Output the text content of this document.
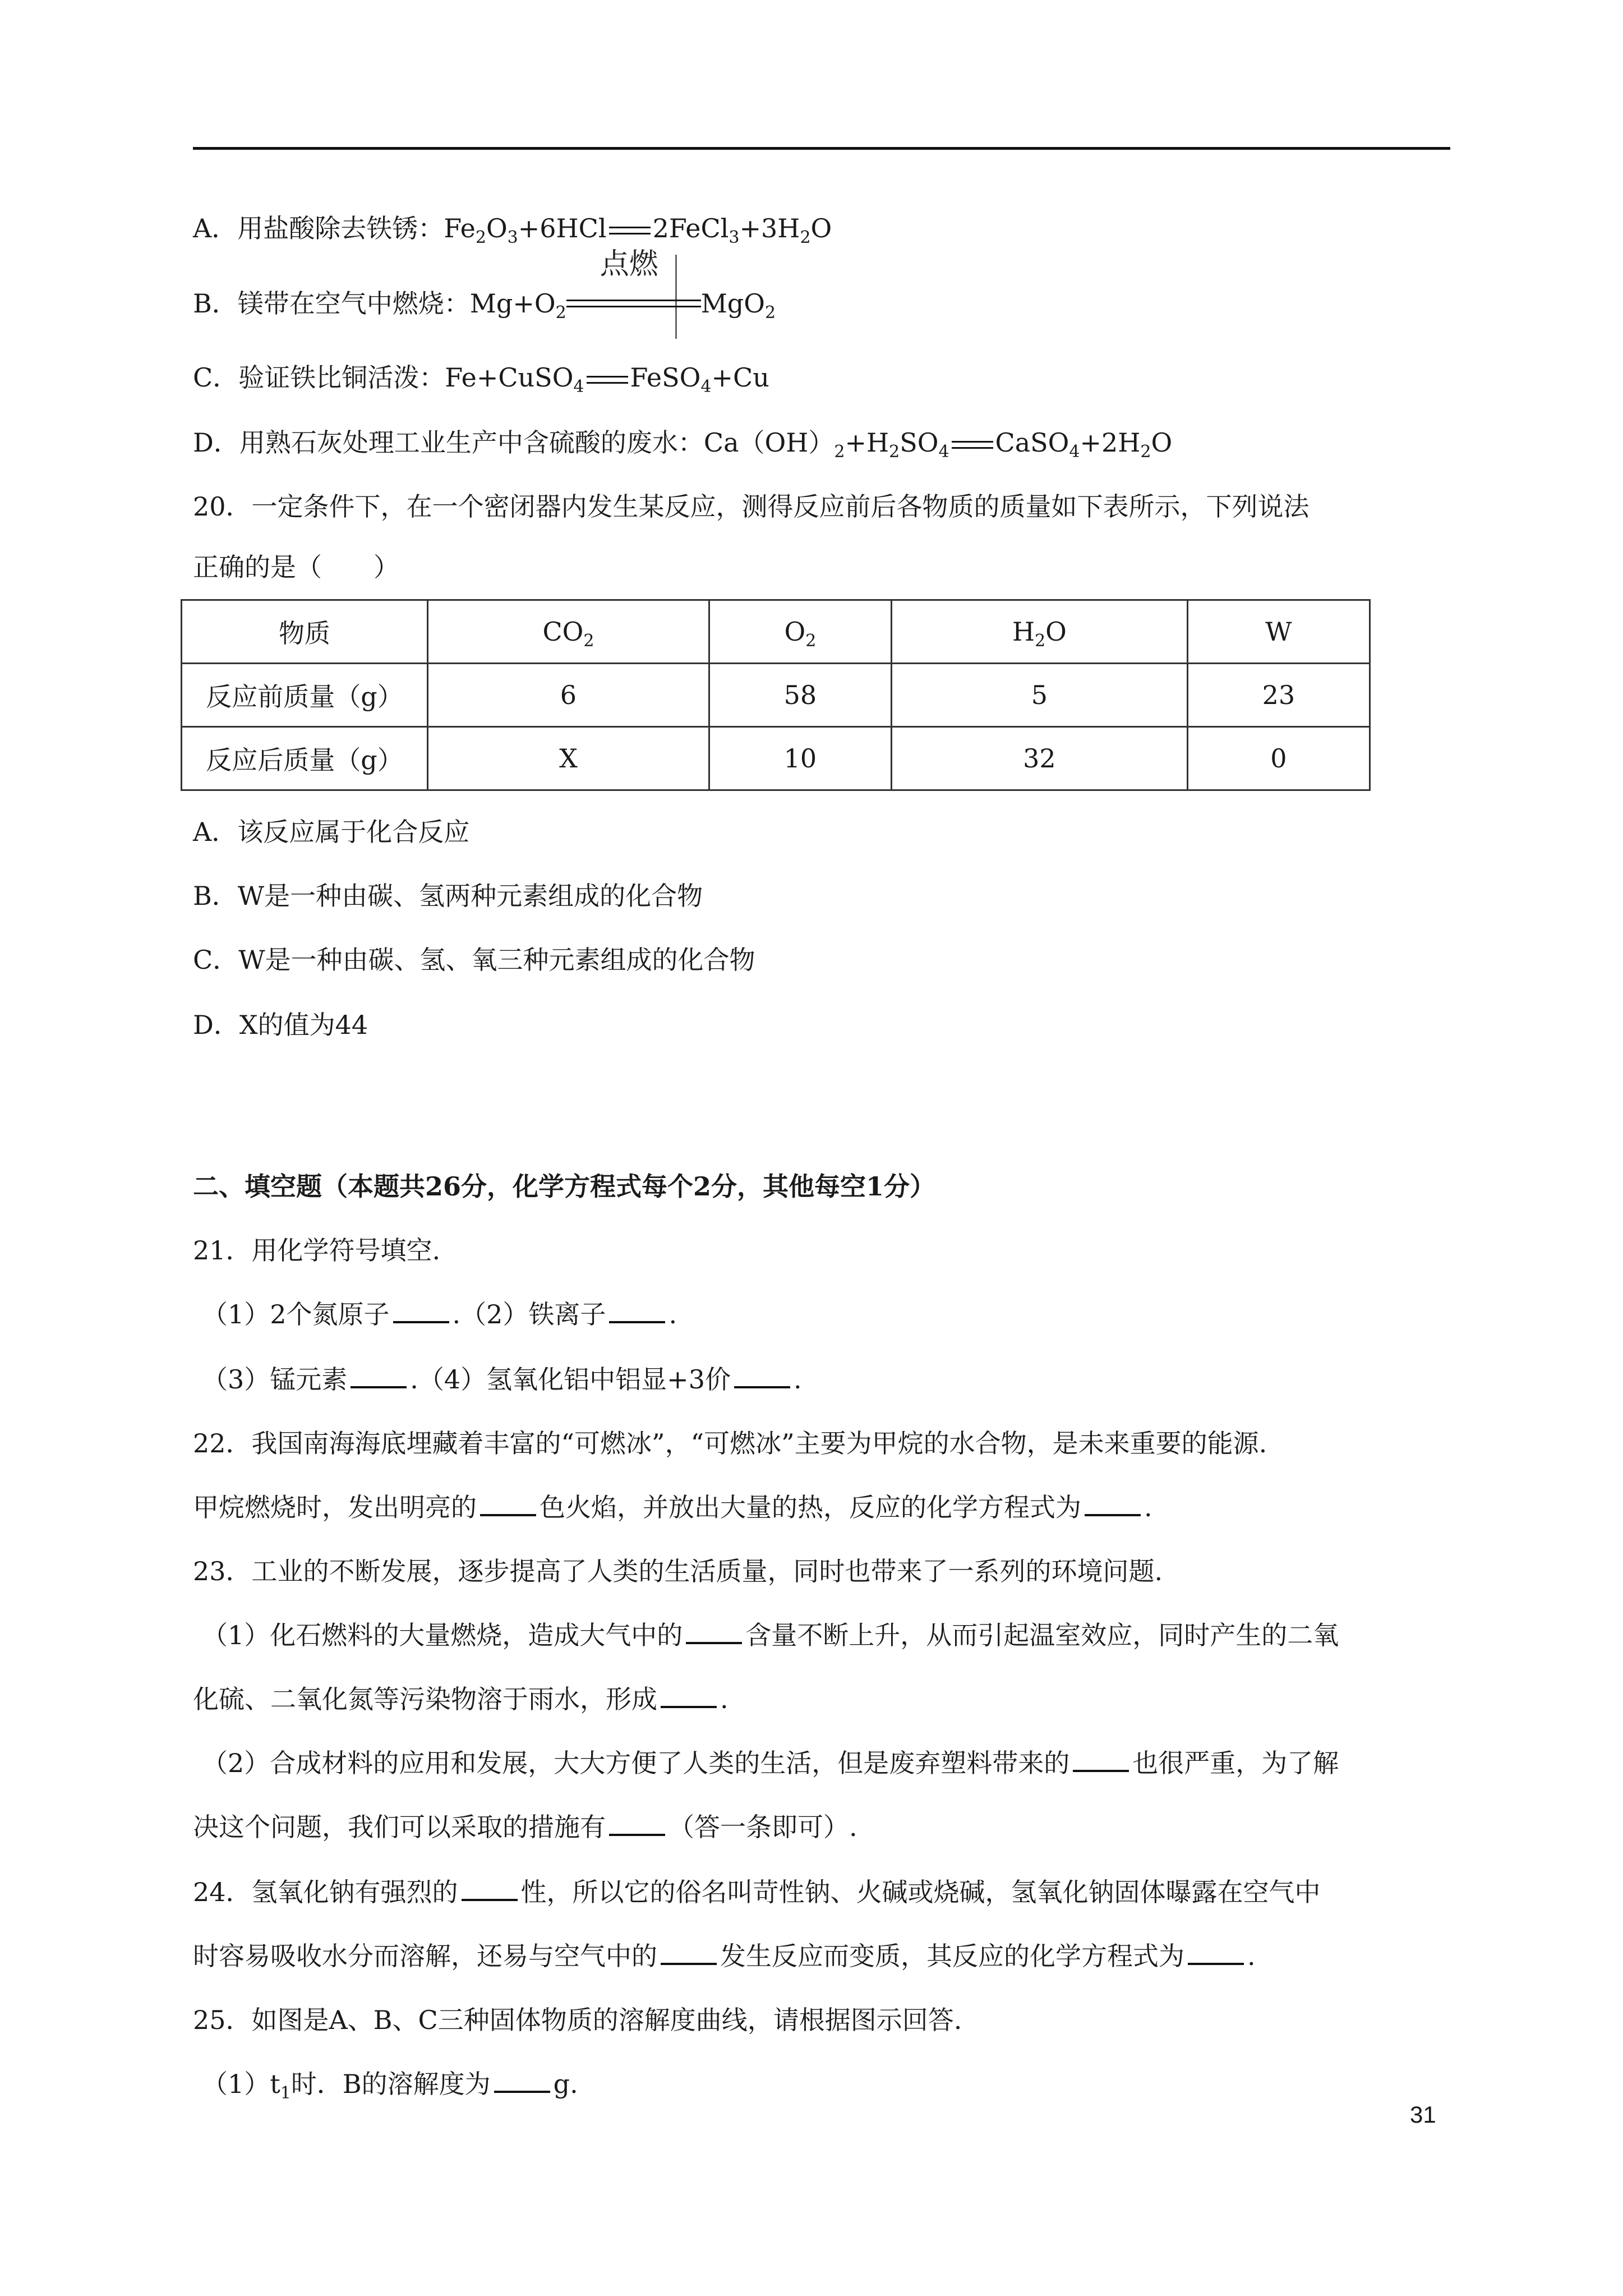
A．用盐酸除去铁锈：$Fe_2O_3+6HCl$ $2FeCl_3+3H_2O$
B．镁带在空气中燃烧：$Mg+O_2$
点燃
MgO$_2$
C．验证铁比铜活泼：Fe+CuSO$_4$ FeSO$_4$+Cu
D．用熟石灰处理工业生产中含硫酸的废水：$Ca(OH)_2+H_2SO_4$ $CaSO_4+2H_2O$
20．一定条件下，在一个密闭器内发生某反应，测得反应前后各物质的质量如下表所示，下列说法
正确的是（　　）
物质	$CO_2$	$O_2$	$H_2O$	W
反应前质量（g）	6	58	5	23
反应后质量（g）	X	10	32	0
A．该反应属于化合反应
B．W是一种由碳、氢两种元素组成的化合物
C．W是一种由碳、氢、氧三种元素组成的化合物
D．X的值为44
二、填空题（本题共26分，化学方程式每个2分，其他每空1分）
21．用化学符号填空.
（1）2个氮原子 .（2）铁离子 .
（3）锰元素 .（4）氢氧化铝中铝显+3价 .
22．我国南海海底埋藏着丰富的“可燃冰”，“可燃冰”主要为甲烷的水合物，是未来重要的能源.
甲烷燃烧时，发出明亮的 色火焰，并放出大量的热，反应的化学方程式为 .
23．工业的不断发展，逐步提高了人类的生活质量，同时也带来了一系列的环境问题.
（1）化石燃料的大量燃烧，造成大气中的 含量不断上升，从而引起温室效应，同时产生的二氧
化硫、二氧化氮等污染物溶于雨水，形成 .
（2）合成材料的应用和发展，大大方便了人类的生活，但是废弃塑料带来的 也很严重，为了解
决这个问题，我们可以采取的措施有 （答一条即可）.
24．氢氧化钠有强烈的 性，所以它的俗名叫苛性钠、火碱或烧碱，氢氧化钠固体曝露在空气中
时容易吸收水分而溶解，还易与空气中的 发生反应而变质，其反应的化学方程式为 .
25．如图是A、B、C三种固体物质的溶解度曲线，请根据图示回答.
$(1)t_1$时．B的溶解度为 g.
31
